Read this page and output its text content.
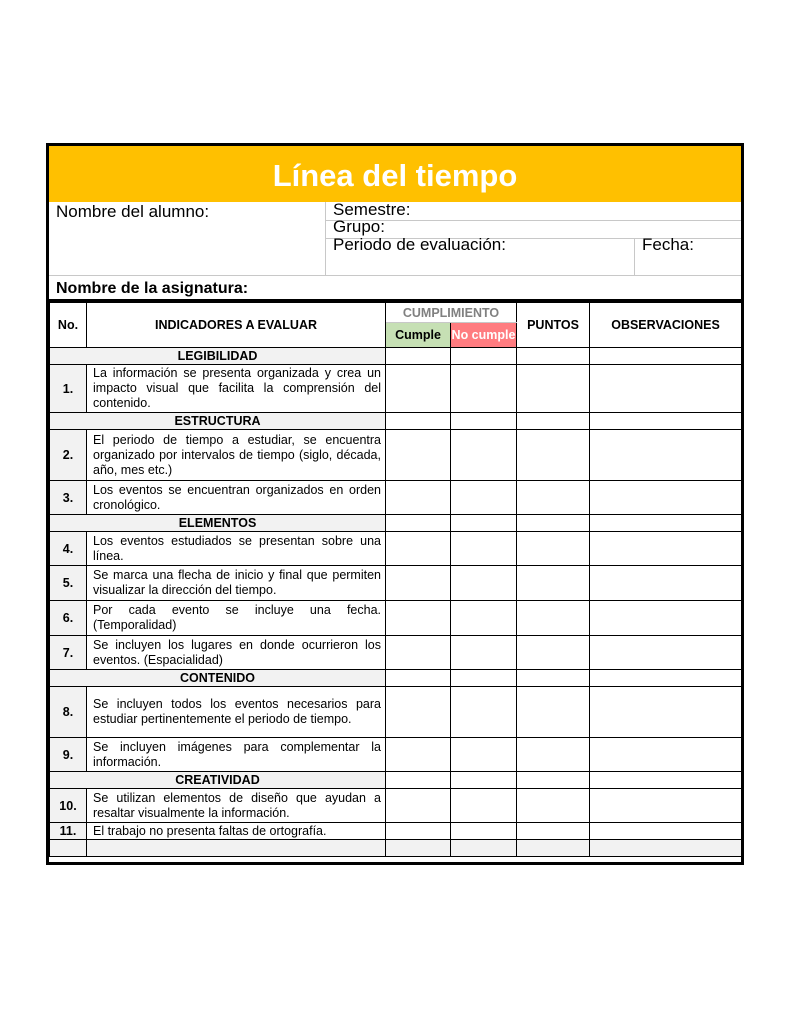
Línea del tiempo
Nombre del alumno:	Semestre:
Grupo:
Periodo de evaluación:	Fecha:
Nombre de la asignatura:
No.	INDICADORES A EVALUAR	CUMPLIMIENTO		PUNTOS	OBSERVACIONES
		Cumple	No cumple		
LEGIBILIDAD					
1.	La información se presenta organizada y crea un impacto visual que facilita la comprensión del contenido.				
ESTRUCTURA					
2.	El periodo de tiempo a estudiar, se encuentra organizado por intervalos de tiempo (siglo, década, año, mes etc.)				
3.	Los eventos se encuentran organizados en orden cronológico.				
ELEMENTOS					
4.	Los eventos estudiados se presentan sobre una línea.				
5.	Se marca una flecha de inicio y final que permiten visualizar la dirección del tiempo.				
6.	Por cada evento se incluye una fecha. (Temporalidad)				
7.	Se incluyen los lugares en donde ocurrieron los eventos. (Espacialidad)				
CONTENIDO					
8.	Se incluyen todos los eventos necesarios para estudiar pertinentemente el periodo de tiempo.				
9.	Se incluyen imágenes para complementar la información.				
CREATIVIDAD					
10.	Se utilizan elementos de diseño que ayudan a resaltar visualmente la información.				
11.	El trabajo no presenta faltas de ortografía.				
